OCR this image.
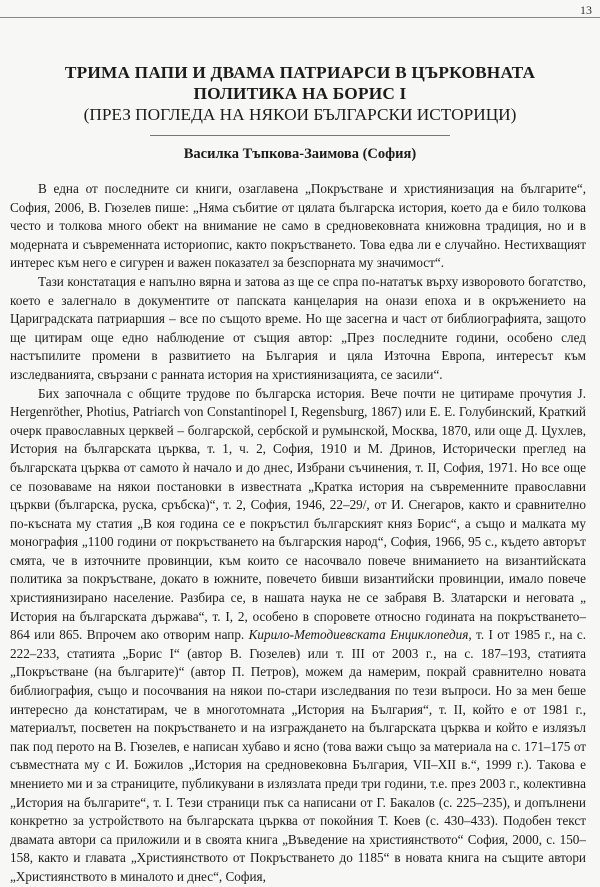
13
ТРИМА ПАПИ И ДВАМА ПАТРИАРСИ В ЦЪРКОВНАТА
ПОЛИТИКА НА БОРИС I
(ПРЕЗ ПОГЛЕДА НА НЯКОИ БЪЛГАРСКИ ИСТОРИЦИ)
Василка Тъпкова-Заимова (София)

В една от последните си книги, озаглавена „Покръстване и християнизация на българите“, София, 2006, В. Гюзелев пише: „Няма събитие от цялата българска история, което да е било толкова често и толкова много обект на внимание не само в средновековната книжовна традиция, но и в модерната и съвременната историопис, както покръстването. Това едва ли е случайно. Нестихващият интерес към него е сигурен и важен показател за безспорната му значимост“.

Тази констатация е напълно вярна и затова аз ще се спра по-нататък върху изворовото богатство, което е залегнало в документите от папската канцелария на онази епоха и в окръжението на Цариградската патриаршия – все по същото време. Но ще засегна и част от библиографията, защото ще цитирам още едно наблюдение от същия автор: „През последните години, особено след настъпилите промени в развитието на България и цяла Източна Европа, интересът към изследванията, свързани с ранната история на християнизацията, се засили“.

Бих започнала с общите трудове по българска история. Вече почти не цитираме прочутия J. Hergenröther, Photius, Patriarch von Constantinopel I, Regensburg, 1867) или Е. Е. Голубинский, Краткий очерк православных церквей – болгарской, сербской и румынской, Москва, 1870, или още Д. Цухлев, История на българската църква, т. 1, ч. 2, София, 1910 и М. Дринов, Исторически преглед на българската църква от самото ѝ начало и до днес, Избрани съчинения, т. II, София, 1971. Но все още се позоваваме на някои постановки в известната „Кратка история на съвременните православни църкви (българска, руска, сръбска)“, т. 2, София, 1946, 22–29/, от И. Снегаров, както и сравнително по-късната му статия „В коя година се е покръстил българският княз Борис“, а също и малката му монография „1100 години от покръстването на българския народ“, София, 1966, 95 с., където авторът смята, че в източните провинции, към които се насочвало повече вниманието на византийската политика за покръстване, докато в южните, повечето бивши византийски провинции, имало повече християнизирано население. Разбира се, в нашата наука не се забравя В. Златарски и неговата „ История на българската държава“, т. I, 2, особено в споровете относно годината на покръстването–864 или 865. Впрочем ако отворим напр. Кирило-Методиевската Енциклопедия, т. I от 1985 г., на с. 222–233, статията „Борис I“ (автор В. Гюзелев) или т. III от 2003 г., на с. 187–193, статията „Покръстване (на българите)“ (автор П. Петров), можем да намерим, покрай сравнително новата библиография, също и посочвания на някои по-стари изследвания по тези въпроси. Но за мен беше интересно да констатирам, че в многотомната „История на България“, т. II, който е от 1981 г., материалът, посветен на покръстването и на изграждането на българската църква и който е излязъл пак под перото на В. Гюзелев, е написан хубаво и ясно (това важи също за материала на с. 171–175 от съвместната му с И. Божилов „История на средновековна България, VII–XII в.“, 1999 г.). Такова е мнението ми и за страниците, публикувани в излязлата преди три години, т.е. през 2003 г., колективна „История на българите“, т. I. Тези страници пък са написани от Г. Бакалов (с. 225–235), и допълнени конкретно за устройството на българската църква от покойния Т. Коев (с. 430–433). Подобен текст двамата автори са приложили и в своята книга „Въведение на християнството“ София, 2000, с. 150–158, както и главата „Християнството от Покръстването до 1185“ в новата книга на същите автори „Християнството в миналото и днес“, София,
